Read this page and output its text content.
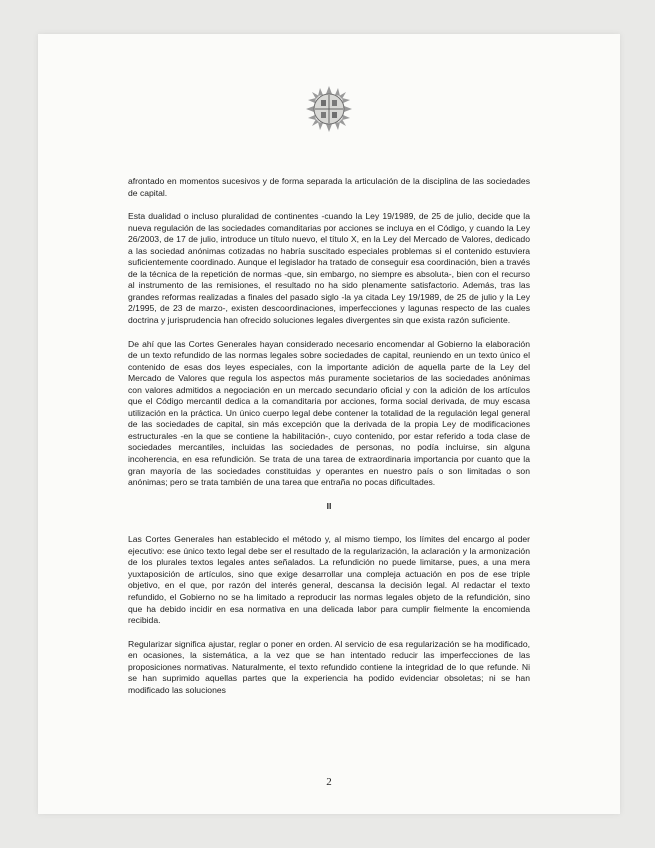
afrontado en momentos sucesivos y de forma separada la articulación de la disciplina de las sociedades de capital.

Esta dualidad o incluso pluralidad de continentes -cuando la Ley 19/1989, de 25 de julio, decide que la nueva regulación de las sociedades comanditarias por acciones se incluya en el Código, y cuando la Ley 26/2003, de 17 de julio, introduce un título nuevo, el título X, en la Ley del Mercado de Valores, dedicado a las sociedad anónimas cotizadas no habría suscitado especiales problemas si el contenido estuviera suficientemente coordinado. Aunque el legislador ha tratado de conseguir esa coordinación, bien a través de la técnica de la repetición de normas -que, sin embargo, no siempre es absoluta-, bien con el recurso al instrumento de las remisiones, el resultado no ha sido plenamente satisfactorio. Además, tras las grandes reformas realizadas a finales del pasado siglo -la ya citada Ley 19/1989, de 25 de julio y la Ley 2/1995, de 23 de marzo-, existen descoordinaciones, imperfecciones y lagunas respecto de las cuales doctrina y jurisprudencia han ofrecido soluciones legales divergentes sin que exista razón suficiente.

De ahí que las Cortes Generales hayan considerado necesario encomendar al Gobierno la elaboración de un texto refundido de las normas legales sobre sociedades de capital, reuniendo en un texto único el contenido de esas dos leyes especiales, con la importante adición de aquella parte de la Ley del Mercado de Valores que regula los aspectos más puramente societarios de las sociedades anónimas con valores admitidos a negociación en un mercado secundario oficial y con la adición de los artículos que el Código mercantil dedica a la comanditaria por acciones, forma social derivada, de muy escasa utilización en la práctica. Un único cuerpo legal debe contener la totalidad de la regulación legal general de las sociedades de capital, sin más excepción que la derivada de la propia Ley de modificaciones estructurales -en la que se contiene la habilitación-, cuyo contenido, por estar referido a toda clase de sociedades mercantiles, incluidas las sociedades de personas, no podía incluirse, sin alguna incoherencia, en esa refundición. Se trata de una tarea de extraordinaria importancia por cuanto que la gran mayoría de las sociedades constituidas y operantes en nuestro país o son limitadas o son anónimas; pero se trata también de una tarea que entraña no pocas dificultades.

II

Las Cortes Generales han establecido el método y, al mismo tiempo, los límites del encargo al poder ejecutivo: ese único texto legal debe ser el resultado de la regularización, la aclaración y la armonización de los plurales textos legales antes señalados. La refundición no puede limitarse, pues, a una mera yuxtaposición de artículos, sino que exige desarrollar una compleja actuación en pos de ese triple objetivo, en el que, por razón del interés general, descansa la decisión legal. Al redactar el texto refundido, el Gobierno no se ha limitado a reproducir las normas legales objeto de la refundición, sino que ha debido incidir en esa normativa en una delicada labor para cumplir fielmente la encomienda recibida.

Regularizar significa ajustar, reglar o poner en orden. Al servicio de esa regularización se ha modificado, en ocasiones, la sistemática, a la vez que se han intentado reducir las imperfecciones de las proposiciones normativas. Naturalmente, el texto refundido contiene la integridad de lo que refunde. Ni se han suprimido aquellas partes que la experiencia ha podido evidenciar obsoletas; ni se han modificado las soluciones

2
